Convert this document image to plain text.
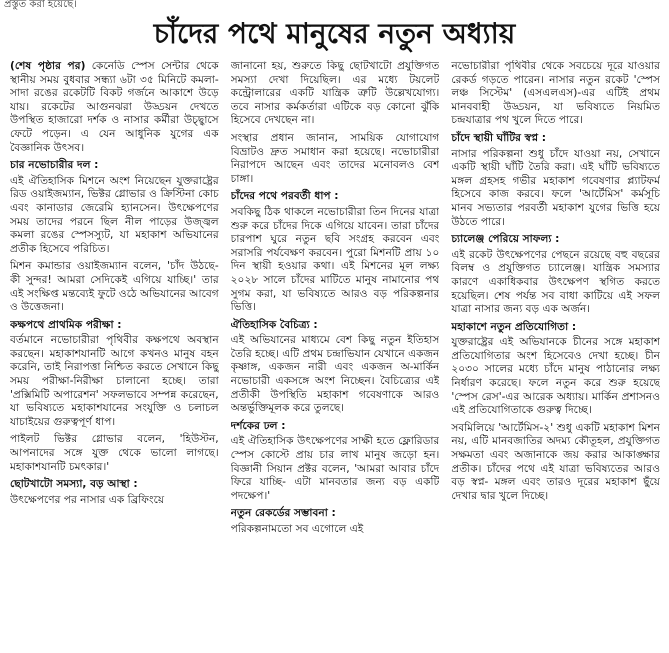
প্রস্তুত করা হয়েছে।
চাঁদের পথে মানুষের নতুন অধ্যায়

(শেষ পৃষ্ঠার পর) কেনেডি স্পেস সেন্টার থেকে স্থানীয় সময় বুধবার সন্ধ্যা ৬টা ৩৫ মিনিটে কমলা-সাদা রঙের রকেটটি বিকট গর্জনে আকাশে উড়ে যায়। রকেটের আগুনঝরা উড্ডয়ন দেখতে উপস্থিত হাজারো দর্শক ও নাসার কর্মীরা উচ্ছ্বাসে ফেটে পড়েন। এ যেন আধুনিক যুগের এক বৈজ্ঞানিক উৎসব।

চার নভোচারীর দল :

এই ঐতিহাসিক মিশনে অংশ নিয়েছেন যুক্তরাষ্ট্রের রিড ওয়াইজম্যান, ভিক্টর গ্লোভার ও ক্রিস্টিনা কোচ এবং কানাডার জেরেমি হ্যানসেন। উৎক্ষেপণের সময় তাদের পরনে ছিল নীল পাড়ের উজ্জ্বল কমলা রঙের স্পেসস্যুট, যা মহাকাশ অভিযানের প্রতীক হিসেবে পরিচিত।

মিশন কমান্ডার ওয়াইজম্যান বলেন, 'চাঁদ উঠছে- কী সুন্দর! আমরা সেদিকেই এগিয়ে যাচ্ছি।' তার এই সংক্ষিপ্ত মন্তব্যেই ফুটে ওঠে অভিযানের আবেগ ও উত্তেজনা।

কক্ষপথে প্রাথমিক পরীক্ষা :

বর্তমানে নভোচারীরা পৃথিবীর কক্ষপথে অবস্থান করছেন। মহাকাশযানটি আগে কখনও মানুষ বহন করেনি, তাই নিরাপত্তা নিশ্চিত করতে সেখানে কিছু সময় পরীক্ষা-নিরীক্ষা চালানো হচ্ছে। তারা 'প্রক্সিমিটি অপারেশন' সফলভাবে সম্পন্ন করেছেন, যা ভবিষ্যতে মহাকাশযানের সংযুক্তি ও চলাচল যাচাইয়ের গুরুত্বপূর্ণ ধাপ।

পাইলট ভিক্টর গ্লোভার বলেন, 'হিউস্টন, আপনাদের সঙ্গে যুক্ত থেকে ভালো লাগছে। মহাকাশযানটি চমৎকার।'

ছোটখাটো সমস্যা, বড় আস্থা :

উৎক্ষেপণের পর নাসার এক ব্রিফিংয়ে

জানানো হয়, শুরুতে কিছু ছোটখাটো প্রযুক্তিগত সমস্যা দেখা দিয়েছিল। এর মধ্যে টয়লেট কন্ট্রোলারের একটি যান্ত্রিক ত্রুটি উল্লেখযোগ্য। তবে নাসার কর্মকর্তারা এটিকে বড় কোনো ঝুঁকি হিসেবে দেখছেন না।

সংস্থার প্রধান জানান, সাময়িক যোগাযোগ বিভ্রাটও দ্রুত সমাধান করা হয়েছে। নভোচারীরা নিরাপদে আছেন এবং তাদের মনোবলও বেশ চাঙ্গা।

চাঁদের পথে পরবর্তী ধাপ :

সবকিছু ঠিক থাকলে নভোচারীরা তিন দিনের যাত্রা শুরু করে চাঁদের দিকে এগিয়ে যাবেন। তারা চাঁদের চারপাশ ঘুরে নতুন ছবি সংগ্রহ করবেন এবং সরাসরি পর্যবেক্ষণ করবেন। পুরো মিশনটি প্রায় ১০ দিন স্থায়ী হওয়ার কথা। এই মিশনের মূল লক্ষ্য ২০২৮ সালে চাঁদের মাটিতে মানুষ নামানোর পথ সুগম করা, যা ভবিষ্যতে আরও বড় পরিকল্পনার ভিত্তি।

ঐতিহাসিক বৈচিত্র্য :

এই অভিযানের মাধ্যমে বেশ কিছু নতুন ইতিহাস তৈরি হচ্ছে। এটি প্রথম চন্দ্রাভিযান যেখানে একজন কৃষ্ণাঙ্গ, একজন নারী এবং একজন অ-মার্কিন নভোচারী একসঙ্গে অংশ নিচ্ছেন। বৈচিত্র্যের এই প্রতীকী উপস্থিতি মহাকাশ গবেষণাকে আরও অন্তর্ভুক্তিমূলক করে তুলছে।

দর্শকের ঢল :

এই ঐতিহাসিক উৎক্ষেপণের সাক্ষী হতে ফ্লোরিডার স্পেস কোস্টে প্রায় চার লাখ মানুষ জড়ো হন। বিজ্ঞানী সিয়ান প্রক্টর বলেন, 'আমরা আবার চাঁদে ফিরে যাচ্ছি- এটা মানবতার জন্য বড় একটি পদক্ষেপ।'

নতুন রেকর্ডের সম্ভাবনা :

পরিকল্পনামতো সব এগোলে এই

নভোচারীরা পৃথিবীর থেকে সবচেয়ে দূরে যাওয়ার রেকর্ড গড়তে পারেন। নাসার নতুন রকেট 'স্পেস লঞ্চ সিস্টেম' (এসএলএস)-এর এটিই প্রথম মানববাহী উড্ডয়ন, যা ভবিষ্যতে নিয়মিত চন্দ্রযাত্রার পথ খুলে দিতে পারে।

চাঁদে স্থায়ী ঘাঁটির স্বপ্ন :

নাসার পরিকল্পনা শুধু চাঁদে যাওয়া নয়, সেখানে একটি স্থায়ী ঘাঁটি তৈরি করা। এই ঘাঁটি ভবিষ্যতে মঙ্গল গ্রহসহ গভীর মহাকাশ গবেষণার প্ল্যাটফর্ম হিসেবে কাজ করবে। ফলে 'আর্টেমিস' কর্মসূচি মানব সভ্যতার পরবর্তী মহাকাশ যুগের ভিত্তি হয়ে উঠতে পারে।

চ্যালেঞ্জ পেরিয়ে সাফল্য :

এই রকেট উৎক্ষেপণের পেছনে রয়েছে বহু বছরের বিলম্ব ও প্রযুক্তিগত চ্যালেঞ্জ। যান্ত্রিক সমস্যার কারণে একাধিকবার উৎক্ষেপণ স্থগিত করতে হয়েছিল। শেষ পর্যন্ত সব বাধা কাটিয়ে এই সফল যাত্রা নাসার জন্য বড় এক অর্জন।

মহাকাশে নতুন প্রতিযোগিতা :

যুক্তরাষ্ট্রের এই অভিযানকে চীনের সঙ্গে মহাকাশ প্রতিযোগিতার অংশ হিসেবেও দেখা হচ্ছে। চীন ২০৩০ সালের মধ্যে চাঁদে মানুষ পাঠানোর লক্ষ্য নির্ধারণ করেছে। ফলে নতুন করে শুরু হয়েছে 'স্পেস রেস'-এর আরেক অধ্যায়। মার্কিন প্রশাসনও এই প্রতিযোগিতাকে গুরুত্ব দিচ্ছে।

সবমিলিয়ে 'আর্টেমিস-২' শুধু একটি মহাকাশ মিশন নয়, এটি মানবজাতির অদম্য কৌতূহল, প্রযুক্তিগত সক্ষমতা এবং অজানাকে জয় করার আকাঙ্ক্ষার প্রতীক। চাঁদের পথে এই যাত্রা ভবিষ্যতের আরও বড় স্বপ্ন- মঙ্গল এবং তারও দূরের মহাকাশ ছুঁয়ে দেখার দ্বার খুলে দিচ্ছে।
